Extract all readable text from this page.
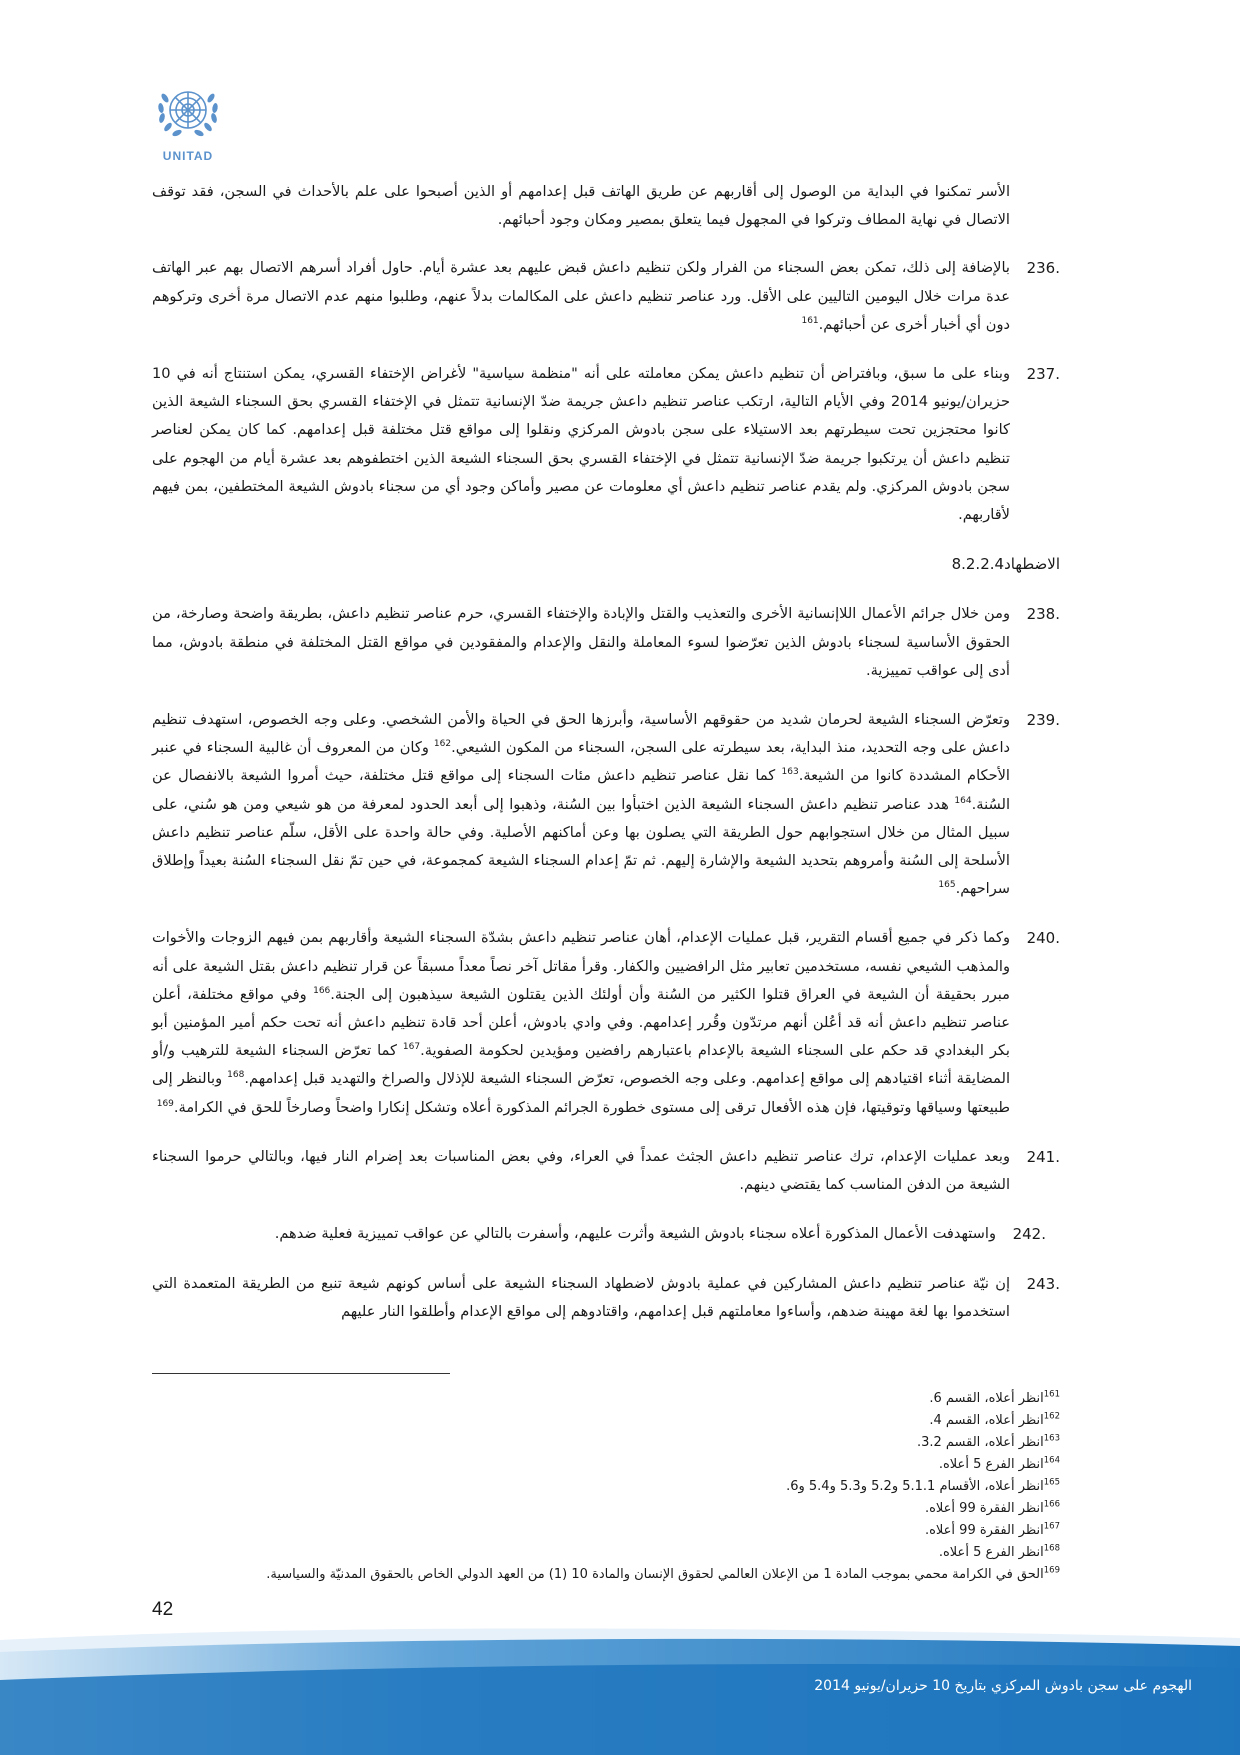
UNITAD

الأسر تمكنوا في البداية من الوصول إلى أقاربهم عن طريق الهاتف قبل إعدامهم أو الذين أصبحوا على علم بالأحداث في السجن، فقد توقف الاتصال في نهاية المطاف وتركوا في المجهول فيما يتعلق بمصير ومكان وجود أحبائهم.

236.

بالإضافة إلى ذلك، تمكن بعض السجناء من الفرار ولكن تنظيم داعش قبض عليهم بعد عشرة أيام. حاول أفراد أسرهم الاتصال بهم عبر الهاتف عدة مرات خلال اليومين التاليين على الأقل. ورد عناصر تنظيم داعش على المكالمات بدلاً عنهم، وطلبوا منهم عدم الاتصال مرة أخرى وتركوهم دون أي أخبار أخرى عن أحبائهم.$^{161}$

237.

وبناء على ما سبق، وبافتراض أن تنظيم داعش يمكن معاملته على أنه "منظمة سياسية" لأغراض الإختفاء القسري، يمكن استنتاج أنه في 10 حزيران/يونيو 2014 وفي الأيام التالية، ارتكب عناصر تنظيم داعش جريمة ضدّ الإنسانية تتمثل في الإختفاء القسري بحق السجناء الشيعة الذين كانوا محتجزين تحت سيطرتهم بعد الاستيلاء على سجن بادوش المركزي ونقلوا إلى مواقع قتل مختلفة قبل إعدامهم. كما كان يمكن لعناصر تنظيم داعش أن يرتكبوا جريمة ضدّ الإنسانية تتمثل في الإختفاء القسري بحق السجناء الشيعة الذين اختطفوهم بعد عشرة أيام من الهجوم على سجن بادوش المركزي. ولم يقدم عناصر تنظيم داعش أي معلومات عن مصير وأماكن وجود أي من سجناء بادوش الشيعة المختطفين، بمن فيهم لأقاربهم.

الاضطهاد
8.2.2.4
238.

ومن خلال جرائم الأعمال اللاإنسانية الأخرى والتعذيب والقتل والإبادة والإختفاء القسري، حرم عناصر تنظيم داعش، بطريقة واضحة وصارخة، من الحقوق الأساسية لسجناء بادوش الذين تعرّضوا لسوء المعاملة والنقل والإعدام والمفقودين في مواقع القتل المختلفة في منطقة بادوش، مما أدى إلى عواقب تمييزية.

239.

وتعرّض السجناء الشيعة لحرمان شديد من حقوقهم الأساسية، وأبرزها الحق في الحياة والأمن الشخصي. وعلى وجه الخصوص، استهدف تنظيم داعش على وجه التحديد، منذ البداية، بعد سيطرته على السجن، السجناء من المكون الشيعي.$^{162}$ وكان من المعروف أن غالبية السجناء في عنبر الأحكام المشددة كانوا من الشيعة.$^{163}$ كما نقل عناصر تنظيم داعش مئات السجناء إلى مواقع قتل مختلفة، حيث أمروا الشيعة بالانفصال عن السُنة.$^{164}$ هدد عناصر تنظيم داعش السجناء الشيعة الذين اختبأوا بين السُنة، وذهبوا إلى أبعد الحدود لمعرفة من هو شيعي ومن هو سُني، على سبيل المثال من خلال استجوابهم حول الطريقة التي يصلون بها وعن أماكنهم الأصلية. وفي حالة واحدة على الأقل، سلّم عناصر تنظيم داعش الأسلحة إلى السُنة وأمروهم بتحديد الشيعة والإشارة إليهم. ثم تمّ إعدام السجناء الشيعة كمجموعة، في حين تمّ نقل السجناء السُنة بعيداً وإطلاق سراحهم.$^{165}$

240.

وكما ذكر في جميع أقسام التقرير، قبل عمليات الإعدام، أهان عناصر تنظيم داعش بشدّة السجناء الشيعة وأقاربهم بمن فيهم الزوجات والأخوات والمذهب الشيعي نفسه، مستخدمين تعابير مثل الرافضيين والكفار. وقرأ مقاتل آخر نصاً معداً مسبقاً عن قرار تنظيم داعش بقتل الشيعة على أنه مبرر بحقيقة أن الشيعة في العراق قتلوا الكثير من السُنة وأن أولئك الذين يقتلون الشيعة سيذهبون إلى الجنة.$^{166}$ وفي مواقع مختلفة، أعلن عناصر تنظيم داعش أنه قد أعُلن أنهم مرتدّون وقُرر إعدامهم. وفي وادي بادوش، أعلن أحد قادة تنظيم داعش أنه تحت حكم أمير المؤمنين أبو بكر البغدادي قد حكم على السجناء الشيعة بالإعدام باعتبارهم رافضين ومؤيدين لحكومة الصفوية.$^{167}$ كما تعرّض السجناء الشيعة للترهيب و/أو المضايقة أثناء اقتيادهم إلى مواقع إعدامهم. وعلى وجه الخصوص، تعرّض السجناء الشيعة للإذلال والصراخ والتهديد قبل إعدامهم.$^{168}$ وبالنظر إلى طبيعتها وسياقها وتوقيتها، فإن هذه الأفعال ترقى إلى مستوى خطورة الجرائم المذكورة أعلاه وتشكل إنكارا واضحاً وصارخاً للحق في الكرامة.$^{169}$

241.

وبعد عمليات الإعدام، ترك عناصر تنظيم داعش الجثث عمداً في العراء، وفي بعض المناسبات بعد إضرام النار فيها، وبالتالي حرموا السجناء الشيعة من الدفن المناسب كما يقتضي دينهم.

242.

واستهدفت الأعمال المذكورة أعلاه سجناء بادوش الشيعة وأثرت عليهم، وأسفرت بالتالي عن عواقب تمييزية فعلية ضدهم.

243.

إن نيّة عناصر تنظيم داعش المشاركين في عملية بادوش لاضطهاد السجناء الشيعة على أساس كونهم شيعة تنبع من الطريقة المتعمدة التي استخدموا بها لغة مهينة ضدهم، وأساءوا معاملتهم قبل إعدامهم، واقتادوهم إلى مواقع الإعدام وأطلقوا النار عليهم

$^{161}$انظر أعلاه، القسم 6.

$^{162}$انظر أعلاه، القسم 4.

$^{163}$انظر أعلاه، القسم 3.2.

$^{164}$انظر الفرع 5 أعلاه.

$^{165}$انظر أعلاه، الأقسام 5.1.1 و5.2 و5.3 و5.4 و6.

$^{166}$انظر الفقرة 99 أعلاه.

$^{167}$انظر الفقرة 99 أعلاه.

$^{168}$انظر الفرع 5 أعلاه.

$^{169}$الحق في الكرامة محمي بموجب المادة 1 من الإعلان العالمي لحقوق الإنسان والمادة 10 (1) من العهد الدولي الخاص بالحقوق المدنيّة والسياسية.

42
الهجوم على سجن بادوش المركزي بتاريخ 10 حزيران/يونيو 2014
